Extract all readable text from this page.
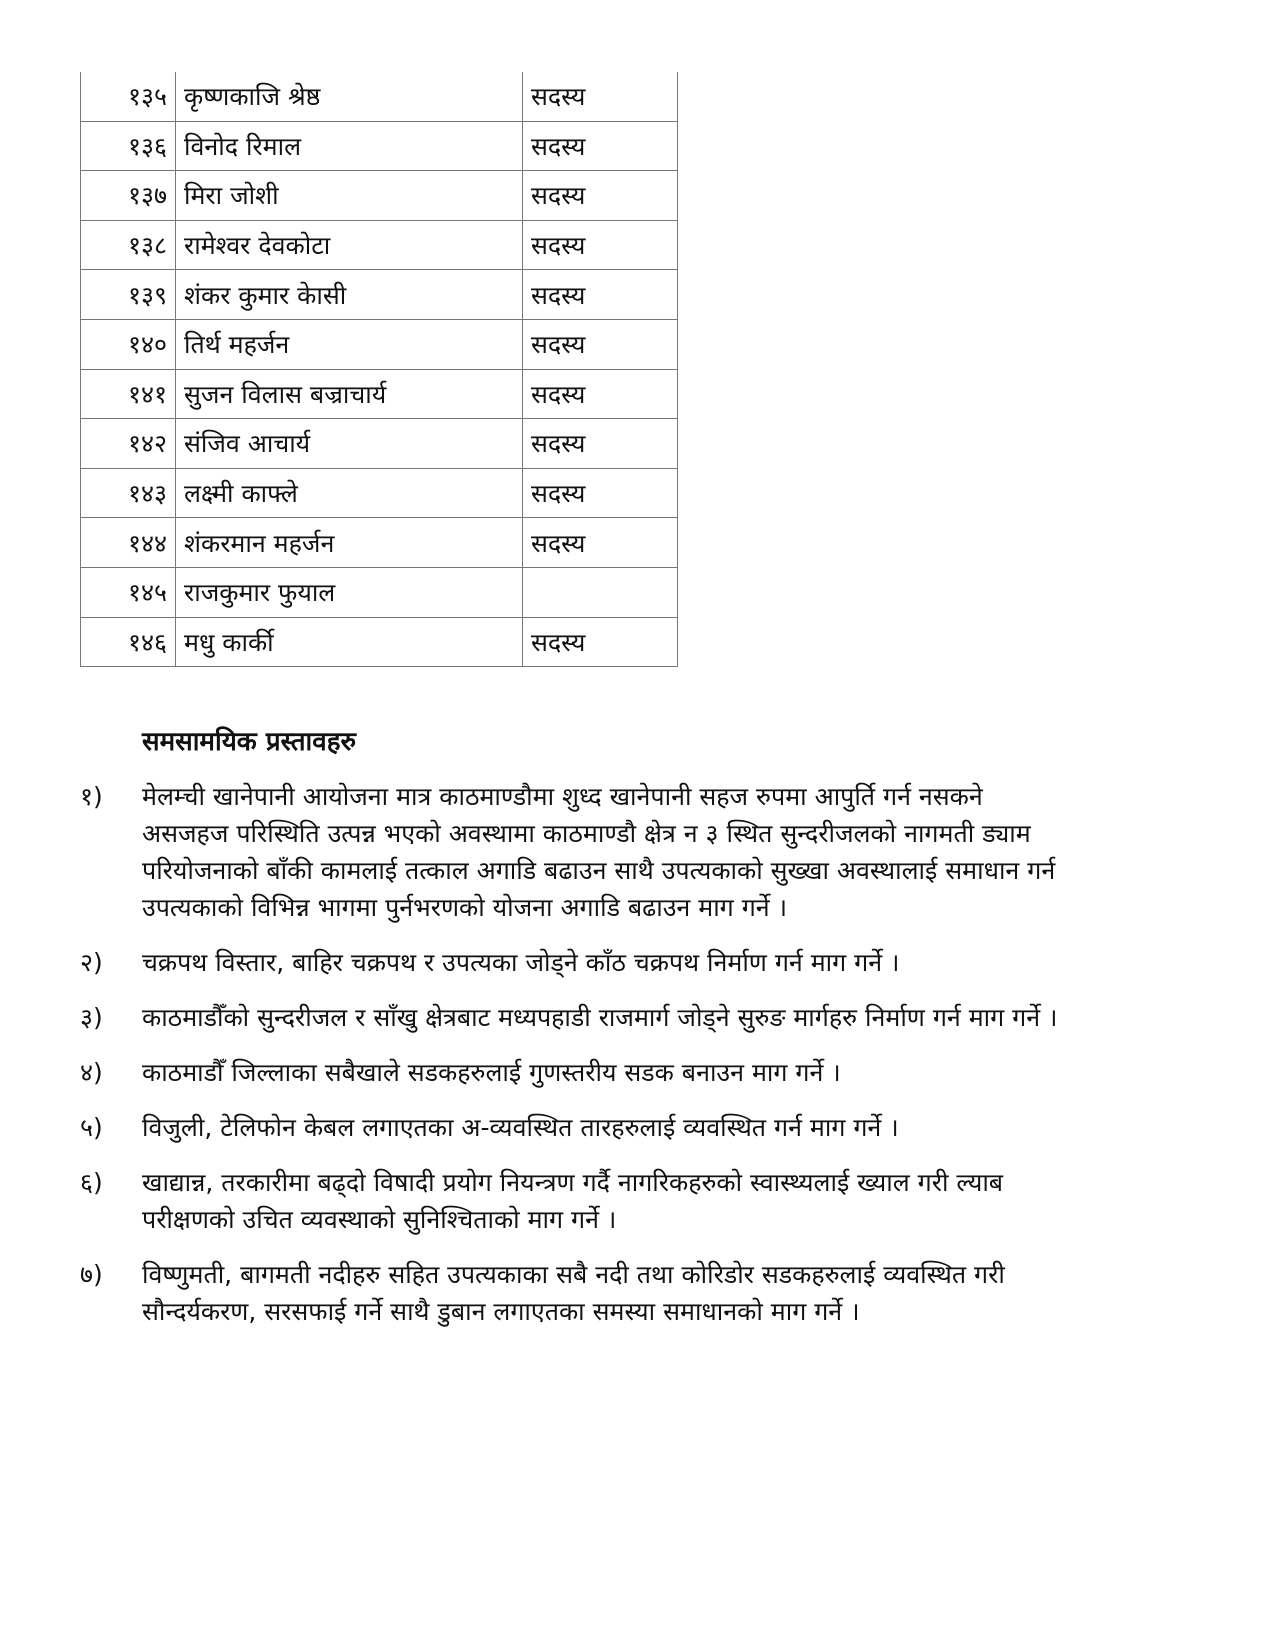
१३५	कृष्णकाजि श्रेष्ठ	सदस्य
१३६	विनोद रिमाल	सदस्य
१३७	मिरा जोशी	सदस्य
१३८	रामेश्वर देवकोटा	सदस्य
१३९	शंकर कुमार केासी	सदस्य
१४०	तिर्थ महर्जन	सदस्य
१४१	सुजन विलास बज्राचार्य	सदस्य
१४२	संजिव आचार्य	सदस्य
१४३	लक्ष्मी काफ्ले	सदस्य
१४४	शंकरमान महर्जन	सदस्य
१४५	राजकुमार फुयाल	
१४६	मधु कार्की	सदस्य
समसामयिक प्रस्तावहरु
१)	मेलम्ची खानेपानी आयोजना मात्र काठमाण्डौमा शुध्द खानेपानी सहज रुपमा आपुर्ति गर्न नसकने असजहज परिस्थिति उत्पन्न भएको अवस्थामा काठमाण्डौ क्षेत्र न ३ स्थित सुन्दरीजलको नागमती ड्याम परियोजनाको बाँकी कामलाई तत्काल अगाडि बढाउन साथै उपत्यकाको सुख्खा अवस्थालाई समाधान गर्न उपत्यकाको विभिन्न भागमा पुर्नभरणको योजना अगाडि बढाउन माग गर्ने ।
२)	चक्रपथ विस्तार, बाहिर चक्रपथ र उपत्यका जोड्ने काँठ चक्रपथ निर्माण गर्न माग गर्ने ।
३)	काठमाडौँको सुन्दरीजल र साँखु क्षेत्रबाट मध्यपहाडी राजमार्ग जोड्ने सुरुङ मार्गहरु निर्माण गर्न माग गर्ने ।
४)	काठमाडौँ जिल्लाका सबैखाले सडकहरुलाई गुणस्तरीय सडक बनाउन माग गर्ने ।
५)	विजुली, टेलिफोन केबल लगाएतका अ-व्यवस्थित तारहरुलाई व्यवस्थित गर्न माग गर्ने ।
६)	खाद्यान्न, तरकारीमा बढ्दो विषादी प्रयोग नियन्त्रण गर्दै नागरिकहरुको स्वास्थ्यलाई ख्याल गरी ल्याब परीक्षणको उचित व्यवस्थाको सुनिश्चिताको माग गर्ने ।
७)	विष्णुमती, बागमती नदीहरु सहित उपत्यकाका सबै नदी तथा कोरिडोर सडकहरुलाई व्यवस्थित गरी सौन्दर्यकरण, सरसफाई गर्ने साथै डुबान लगाएतका समस्या समाधानको माग गर्ने ।
